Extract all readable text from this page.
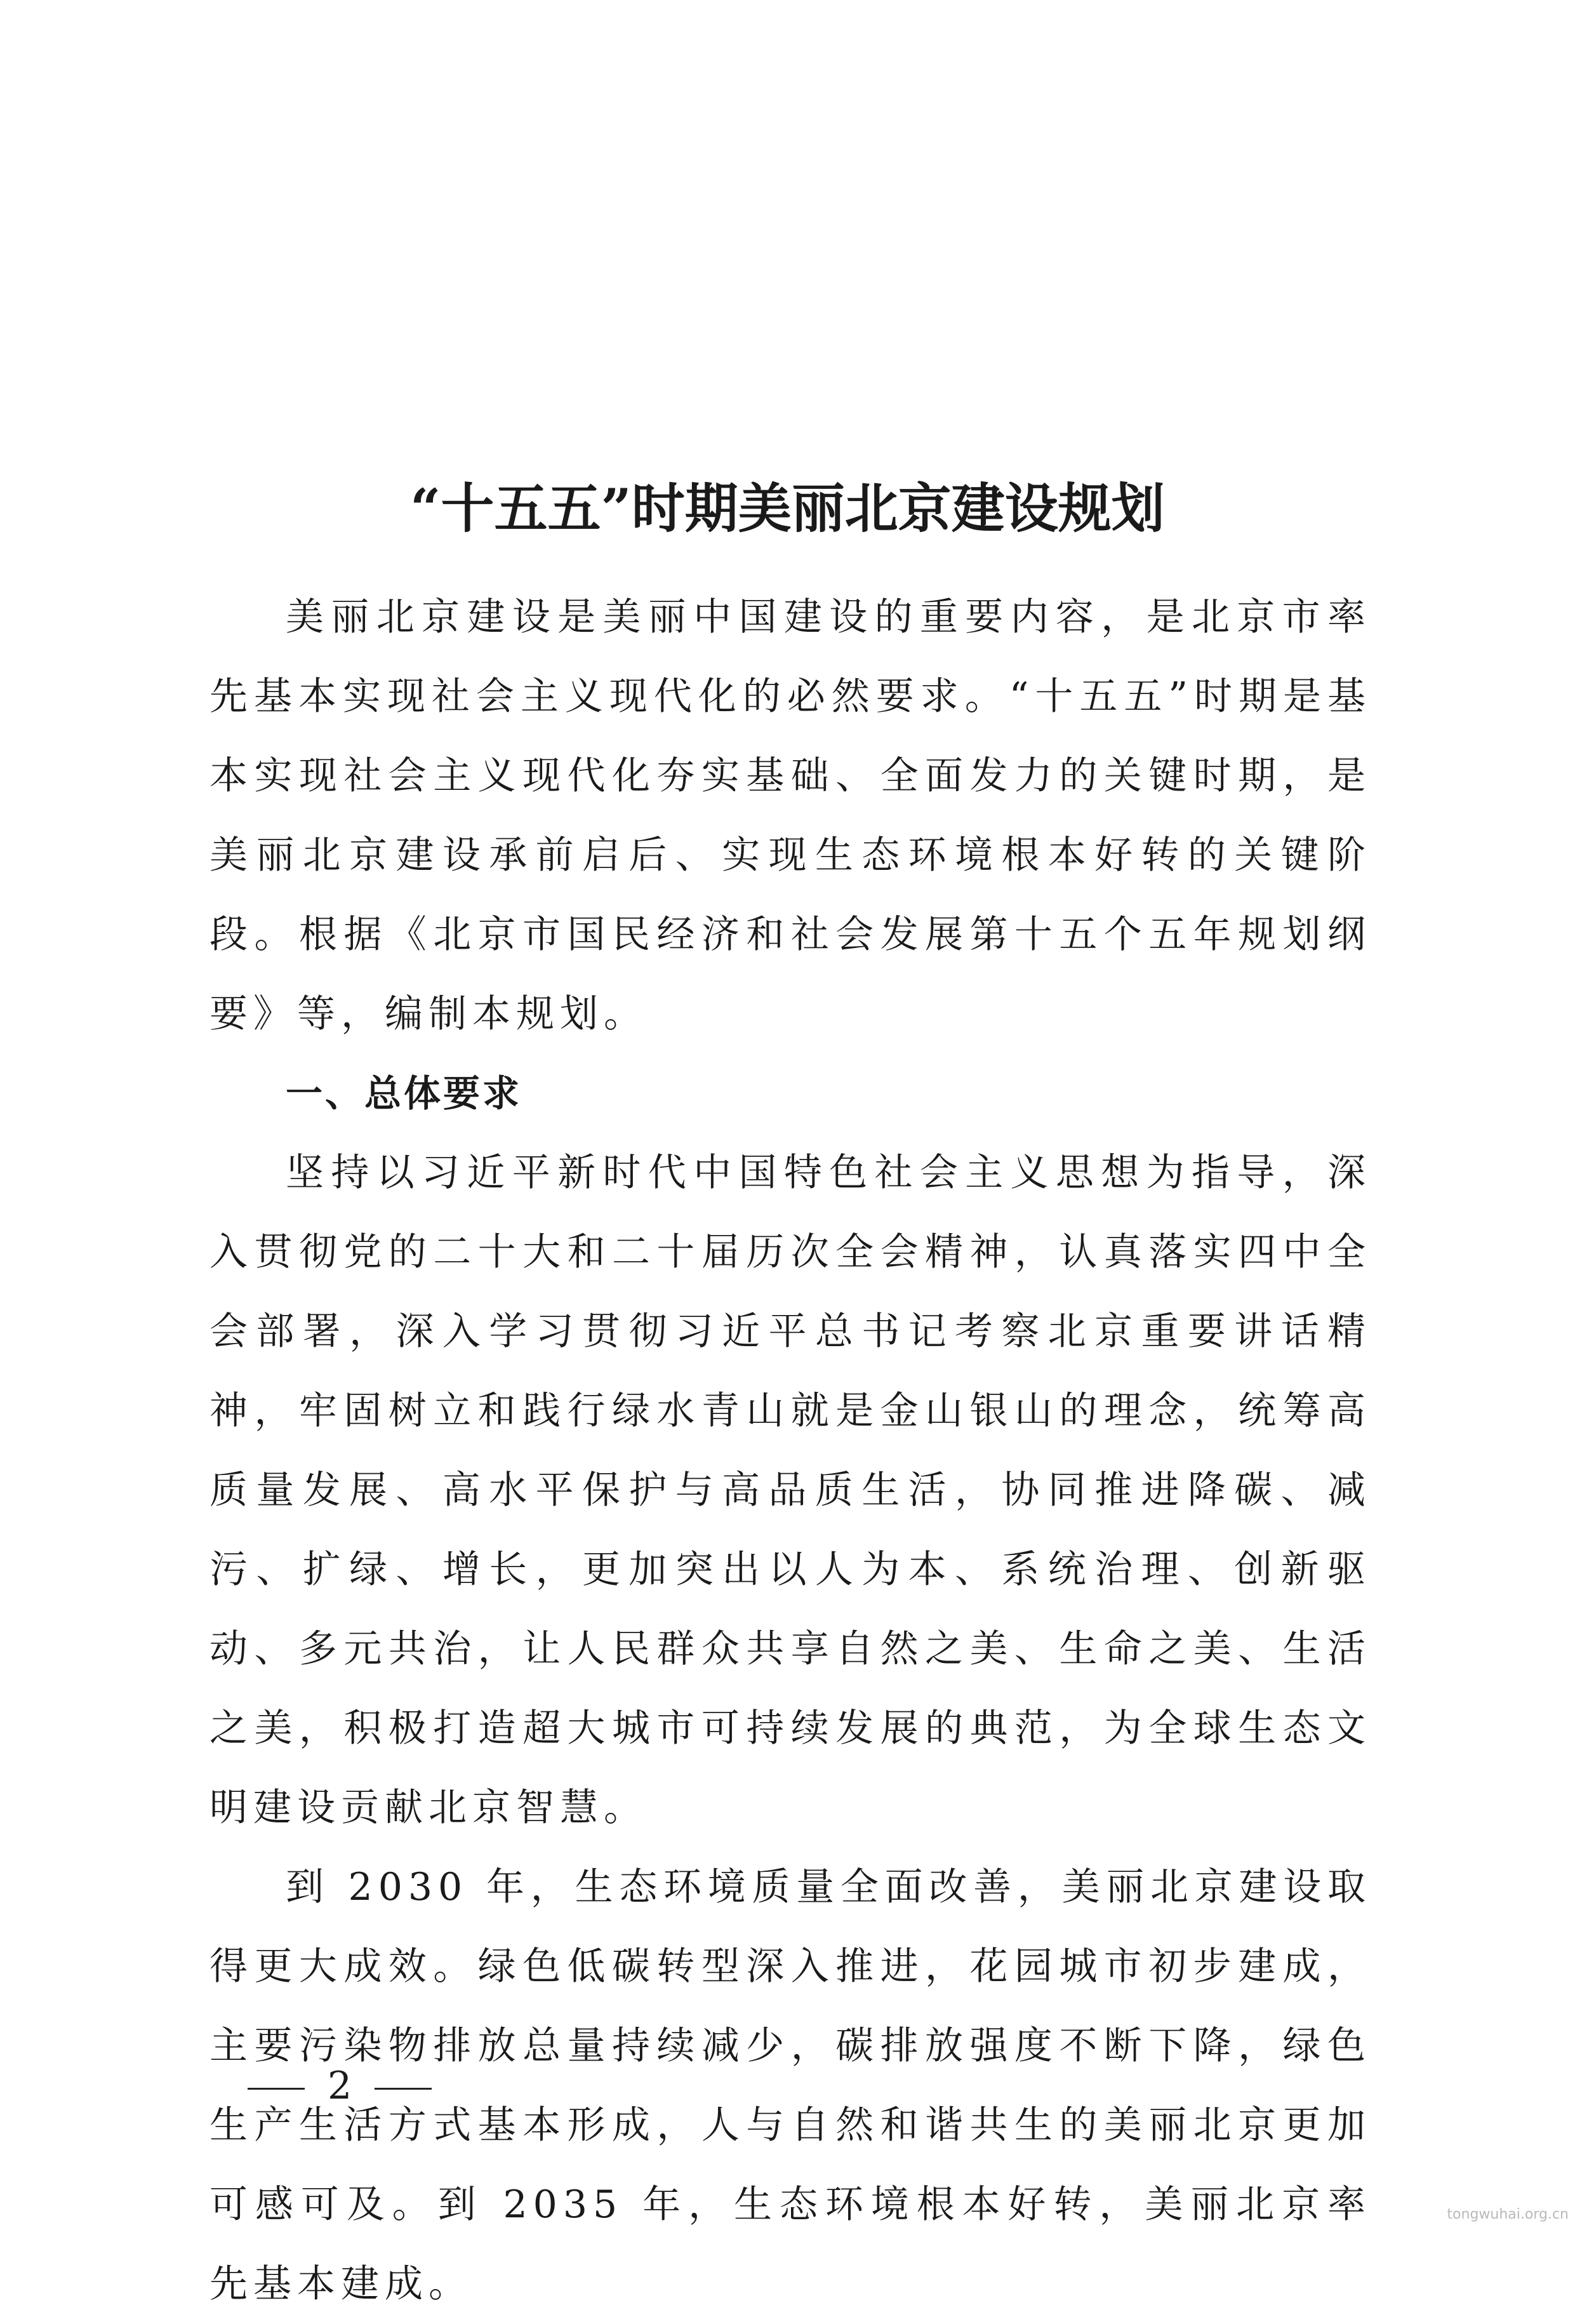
“十五五”时期美丽北京建设规划

美丽北京建设是美丽中国建设的重要内容，是北京市率先基本实现社会主义现代化的必然要求。“十五五”时期是基本实现社会主义现代化夯实基础、全面发力的关键时期，是美丽北京建设承前启后、实现生态环境根本好转的关键阶段。根据《北京市国民经济和社会发展第十五个五年规划纲要》等，编制本规划。

一、总体要求

坚持以习近平新时代中国特色社会主义思想为指导，深入贯彻党的二十大和二十届历次全会精神，认真落实四中全会部署，深入学习贯彻习近平总书记考察北京重要讲话精神，牢固树立和践行绿水青山就是金山银山的理念，统筹高质量发展、高水平保护与高品质生活，协同推进降碳、减污、扩绿、增长，更加突出以人为本、系统治理、创新驱动、多元共治，让人民群众共享自然之美、生命之美、生活之美，积极打造超大城市可持续发展的典范，为全球生态文明建设贡献北京智慧。

到 2030 年，生态环境质量全面改善，美丽北京建设取得更大成效。绿色低碳转型深入推进，花园城市初步建成，主要污染物排放总量持续减少，碳排放强度不断下降，绿色生产生活方式基本形成，人与自然和谐共生的美丽北京更加可感可及。到 2035 年，生态环境根本好转，美丽北京率先基本建成。

2
tongwuhai.org.cn
